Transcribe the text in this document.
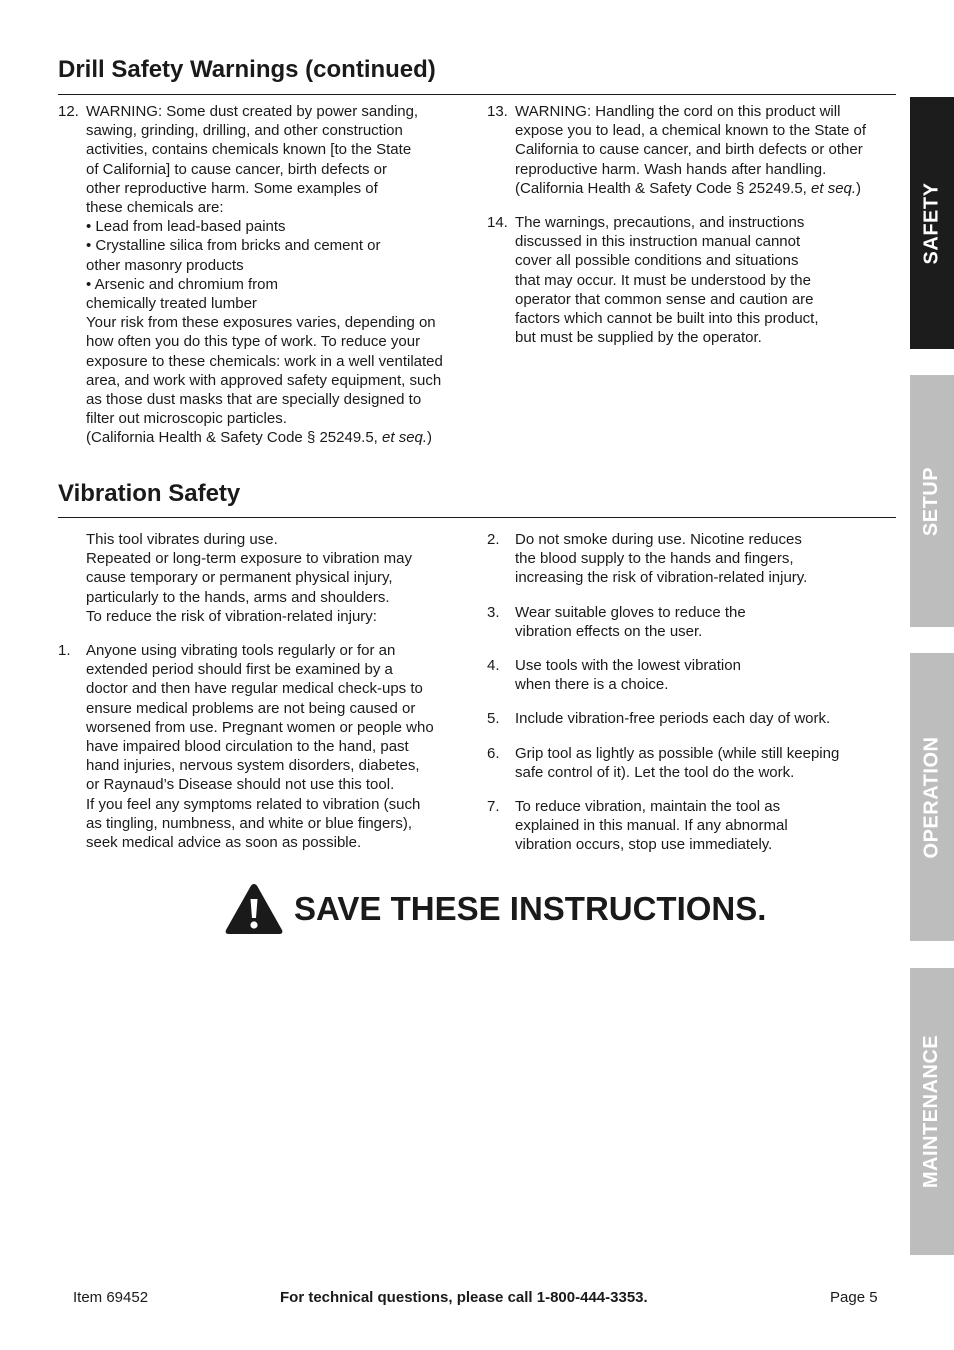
Drill Safety Warnings (continued)
12. WARNING: Some dust created by power sanding,
sawing, grinding, drilling, and other construction
activities, contains chemicals known [to the State
of California] to cause cancer, birth defects or
other reproductive harm. Some examples of
these chemicals are:
• Lead from lead-based paints
• Crystalline silica from bricks and cement or
other masonry products
• Arsenic and chromium from
chemically treated lumber
Your risk from these exposures varies, depending on
how often you do this type of work. To reduce your
exposure to these chemicals: work in a well ventilated
area, and work with approved safety equipment, such
as those dust masks that are specially designed to
filter out microscopic particles.
(California Health & Safety Code § 25249.5, et seq.)
13. WARNING: Handling the cord on this product will
expose you to lead, a chemical known to the State of
California to cause cancer, and birth defects or other
reproductive harm. Wash hands after handling.
(California Health & Safety Code § 25249.5, et seq.)
14. The warnings, precautions, and instructions
discussed in this instruction manual cannot
cover all possible conditions and situations
that may occur. It must be understood by the
operator that common sense and caution are
factors which cannot be built into this product,
but must be supplied by the operator.
Vibration Safety
This tool vibrates during use.
Repeated or long-term exposure to vibration may
cause temporary or permanent physical injury,
particularly to the hands, arms and shoulders.
To reduce the risk of vibration-related injury:
1. Anyone using vibrating tools regularly or for an
extended period should first be examined by a
doctor and then have regular medical check-ups to
ensure medical problems are not being caused or
worsened from use. Pregnant women or people who
have impaired blood circulation to the hand, past
hand injuries, nervous system disorders, diabetes,
or Raynaud’s Disease should not use this tool.
If you feel any symptoms related to vibration (such
as tingling, numbness, and white or blue fingers),
seek medical advice as soon as possible.
2. Do not smoke during use. Nicotine reduces
the blood supply to the hands and fingers,
increasing the risk of vibration-related injury.
3. Wear suitable gloves to reduce the
vibration effects on the user.
4. Use tools with the lowest vibration
when there is a choice.
5. Include vibration-free periods each day of work.
6. Grip tool as lightly as possible (while still keeping
safe control of it). Let the tool do the work.
7. To reduce vibration, maintain the tool as
explained in this manual. If any abnormal
vibration occurs, stop use immediately.
SAVE THESE INSTRUCTIONS.
SAFETY
SETUP
OPERATION
MAINTENANCE
Item 69452	For technical questions, please call 1-800-444-3353.	Page 5
